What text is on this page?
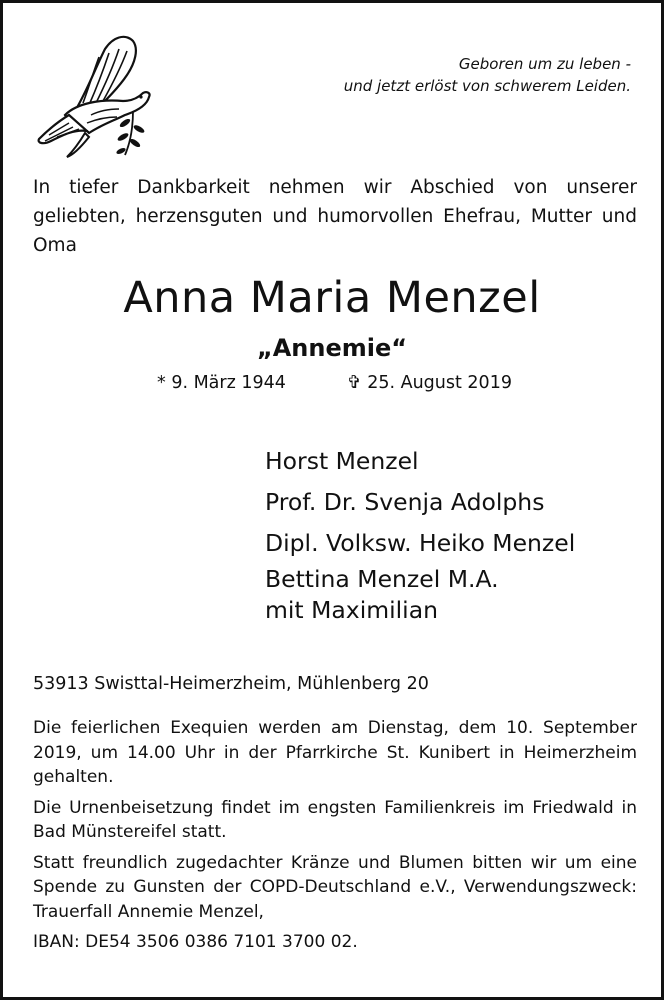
Geboren um zu leben -
und jetzt erlöst von schwerem Leiden.
In tiefer Dankbarkeit nehmen wir Abschied von unserer geliebten, herzensguten und humorvollen Ehefrau, Mutter und Oma
Anna Maria Menzel
„Annemie“
* 9. März 1944	✞ 25. August 2019
Horst Menzel
Prof. Dr. Svenja Adolphs
Dipl. Volksw. Heiko Menzel
Bettina Menzel M.A.
mit Maximilian
53913 Swisttal-Heimerzheim, Mühlenberg 20

Die feierlichen Exequien werden am Dienstag, dem 10. September 2019, um 14.00 Uhr in der Pfarrkirche St. Kunibert in Heimerzheim gehalten.

Die Urnenbeisetzung findet im engsten Familienkreis im Friedwald in Bad Münstereifel statt.

Statt freundlich zugedachter Kränze und Blumen bitten wir um eine Spende zu Gunsten der COPD-Deutschland e.V., Verwendungszweck: Trauerfall Annemie Menzel,

IBAN: DE54 3506 0386 7101 3700 02.
